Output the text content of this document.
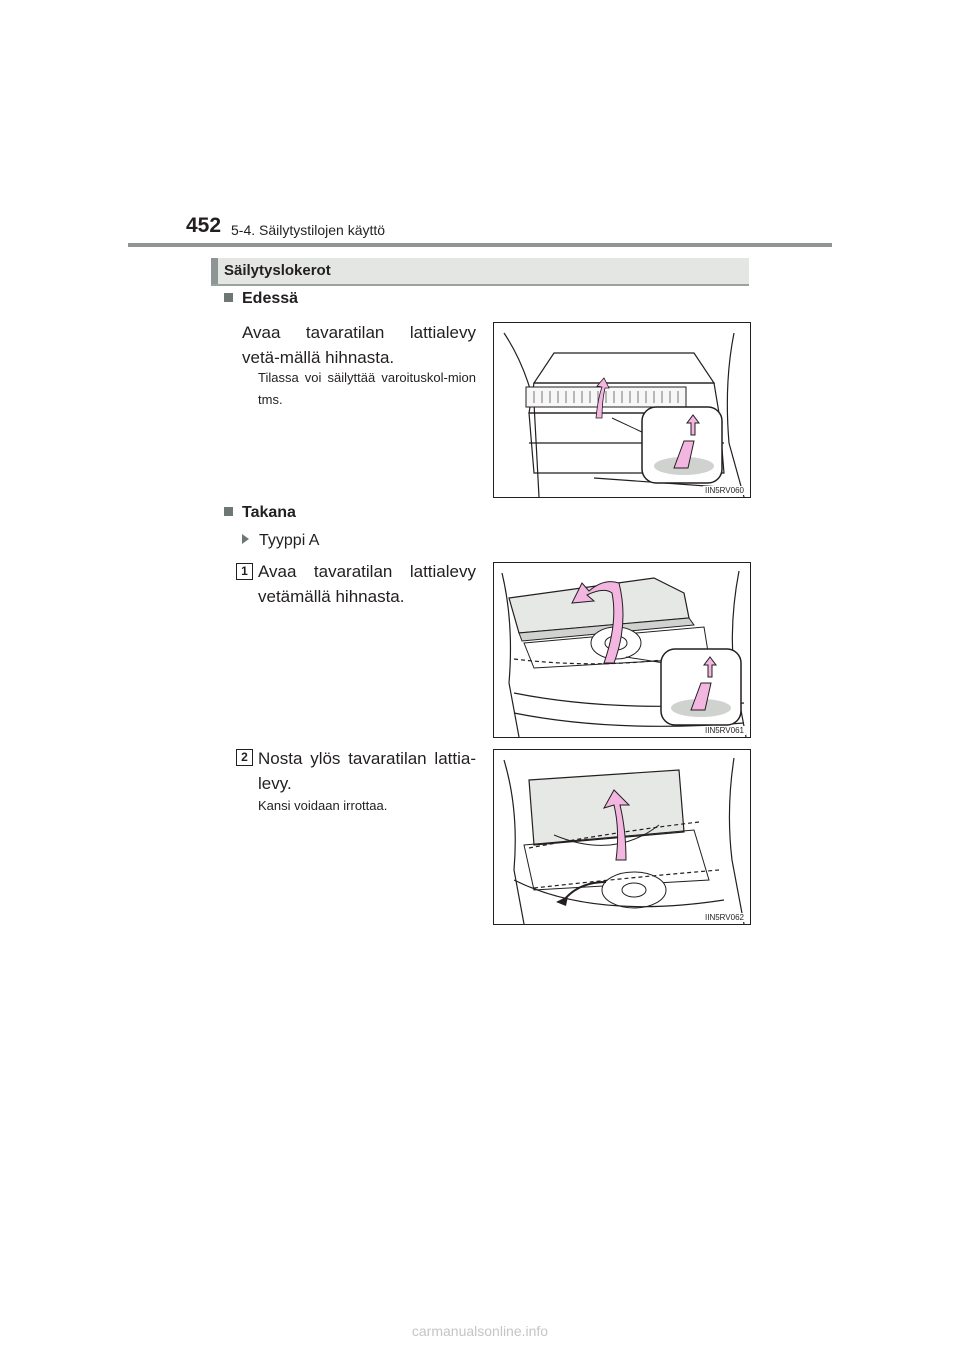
452 5-4. Säilytystilojen käyttö
Säilytyslokerot
Edessä
Avaa tavaratilan lattialevy vetä-mällä hihnasta.
Tilassa voi säilyttää varoituskol-mion tms.
IIN5RV060
Takana
Tyyppi A
1 Avaa tavaratilan lattialevy vetämällä hihnasta.
IIN5RV061
2 Nosta ylös tavaratilan lattia-levy.
Kansi voidaan irrottaa.
IIN5RV062
carmanualsonline.info
